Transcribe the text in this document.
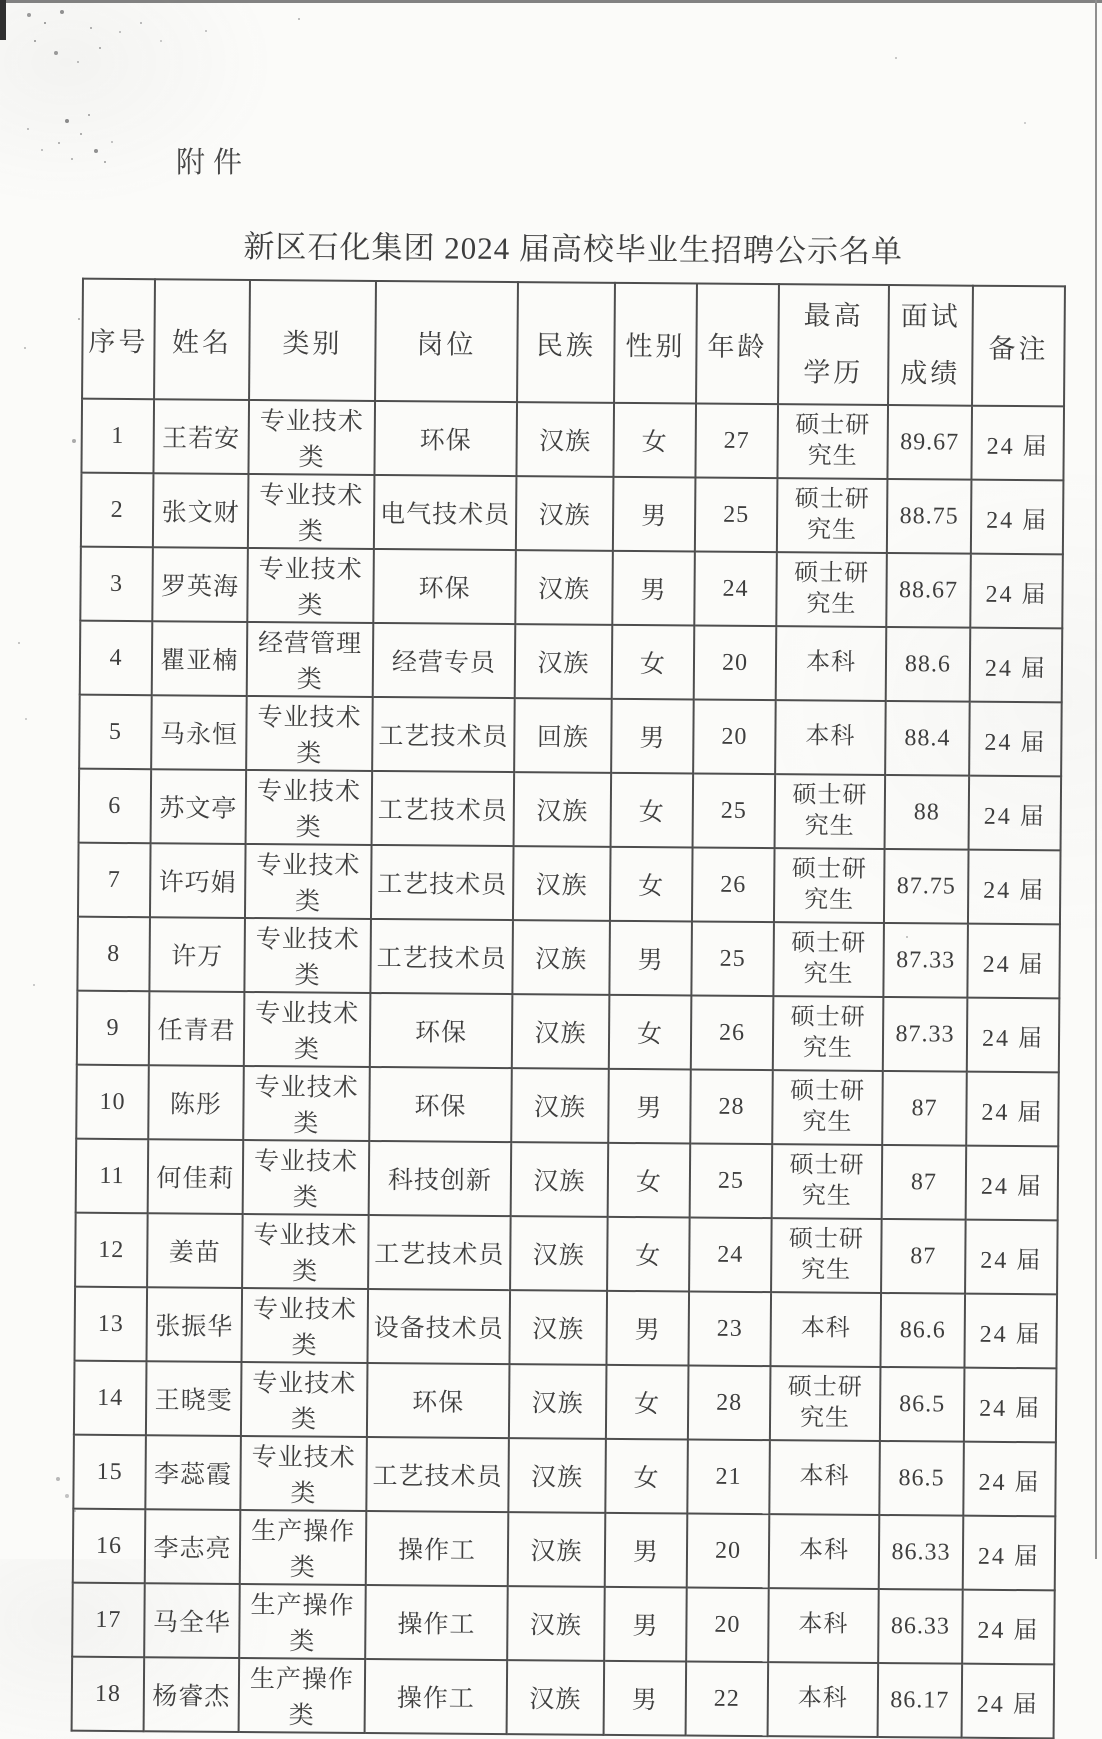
附件
新区石化集团 2024 届高校毕业生招聘公示名单
序号	姓名	类别	岗位	民族	性别	年龄	最高学历	面试成绩	备注

1	王若安	专业技术类	环保	汉族	女	27	硕士研究生	89.67	24 届

2	张文财	专业技术类	电气技术员	汉族	男	25	硕士研究生	88.75	24 届

3	罗英海	专业技术类	环保	汉族	男	24	硕士研究生	88.67	24 届

4	瞿亚楠	经营管理类	经营专员	汉族	女	20	本科	88.6	24 届

5	马永恒	专业技术类	工艺技术员	回族	男	20	本科	88.4	24 届

6	苏文亭	专业技术类	工艺技术员	汉族	女	25	硕士研究生	88	24 届

7	许巧娟	专业技术类	工艺技术员	汉族	女	26	硕士研究生	87.75	24 届

8	许万	专业技术类	工艺技术员	汉族	男	25	硕士研究生	87.33	24 届

9	任青君	专业技术类	环保	汉族	女	26	硕士研究生	87.33	24 届

10	陈彤	专业技术类	环保	汉族	男	28	硕士研究生	87	24 届

11	何佳莉	专业技术类	科技创新	汉族	女	25	硕士研究生	87	24 届

12	姜苗	专业技术类	工艺技术员	汉族	女	24	硕士研究生	87	24 届

13	张振华	专业技术类	设备技术员	汉族	男	23	本科	86.6	24 届

14	王晓雯	专业技术类	环保	汉族	女	28	硕士研究生	86.5	24 届

15	李蕊霞	专业技术类	工艺技术员	汉族	女	21	本科	86.5	24 届

16	李志亮	生产操作类	操作工	汉族	男	20	本科	86.33	24 届

17	马全华	生产操作类	操作工	汉族	男	20	本科	86.33	24 届

18	杨睿杰	生产操作类	操作工	汉族	男	22	本科	86.17	24 届
